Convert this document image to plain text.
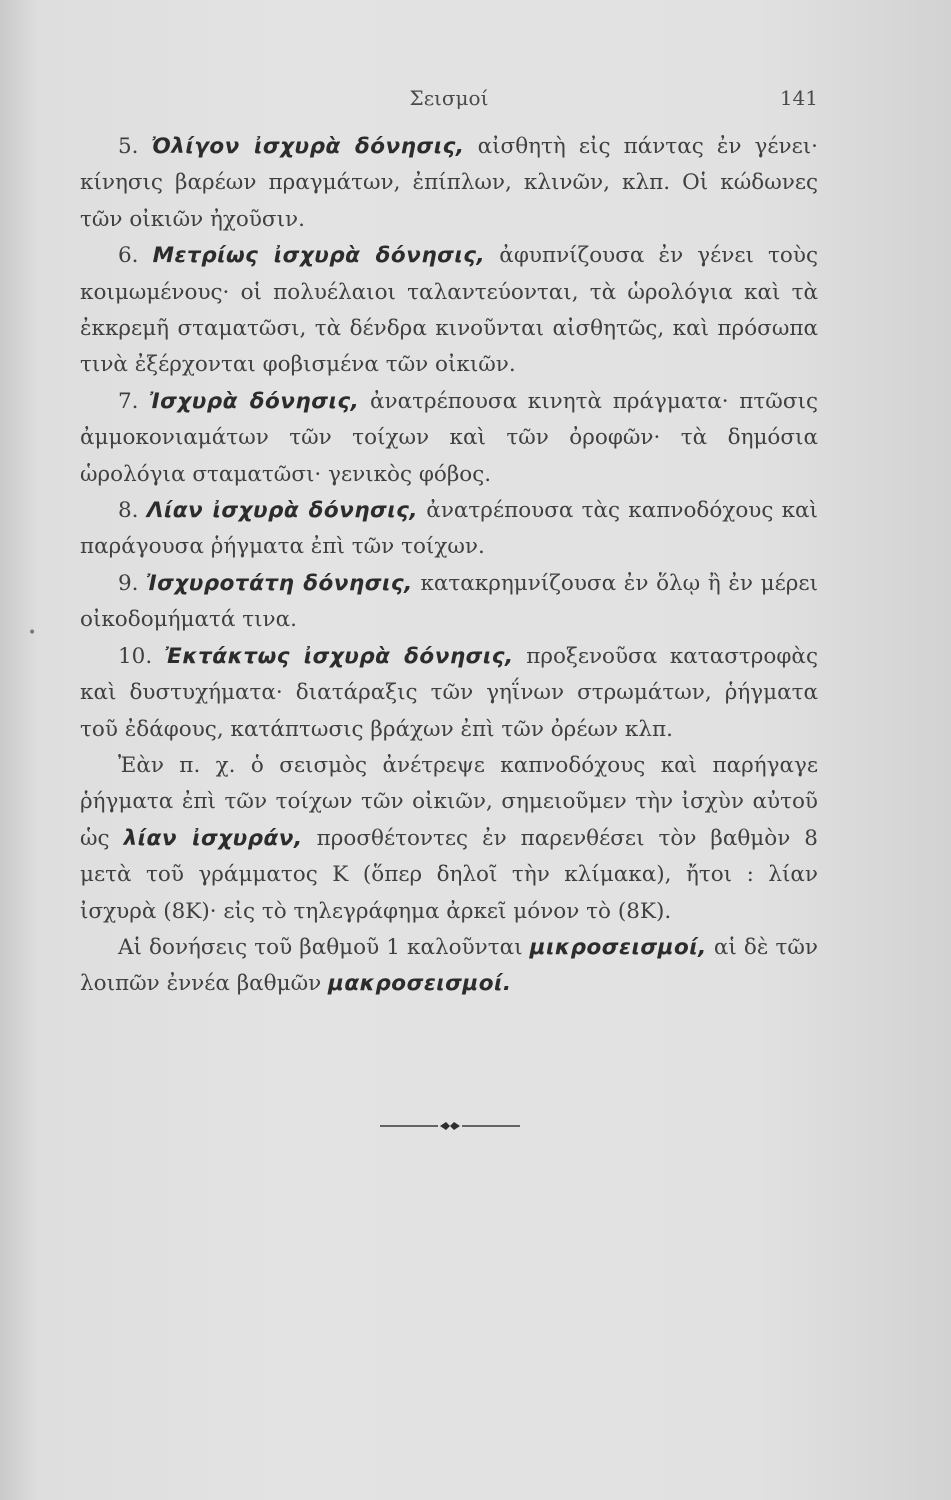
Σεισμοί	141

5. Ὀλίγον ἰσχυρὰ δόνησις, αἰσθητὴ εἰς πάντας ἐν γένει· κίνησις βαρέων πραγμάτων, ἐπίπλων, κλινῶν, κλπ. Οἱ κώδωνες τῶν οἰκιῶν ἠχοῦσιν.

6. Μετρίως ἰσχυρὰ δόνησις, ἀφυπνίζουσα ἐν γένει τοὺς κοιμωμένους· οἱ πολυέλαιοι ταλαντεύονται, τὰ ὡρολόγια καὶ τὰ ἐκκρεμῆ σταματῶσι, τὰ δένδρα κινοῦνται αἰσθητῶς, καὶ πρόσωπα τινὰ ἐξέρχονται φοβισμένα τῶν οἰκιῶν.

7. Ἰσχυρὰ δόνησις, ἀνατρέπουσα κινητὰ πράγματα· πτῶσις ἀμμοκονιαμάτων τῶν τοίχων καὶ τῶν ὀροφῶν· τὰ δημόσια ὡρολόγια σταματῶσι· γενικὸς φόβος.

8. Λίαν ἰσχυρὰ δόνησις, ἀνατρέπουσα τὰς καπνοδόχους καὶ παράγουσα ῥήγματα ἐπὶ τῶν τοίχων.

9. Ἰσχυροτάτη δόνησις, κατακρημνίζουσα ἐν ὅλῳ ἢ ἐν μέρει οἰκοδομήματά τινα.

10. Ἐκτάκτως ἰσχυρὰ δόνησις, προξενοῦσα καταστροφὰς καὶ δυστυχήματα· διατάραξις τῶν γηΐνων στρωμάτων, ῥήγματα τοῦ ἐδάφους, κατάπτωσις βράχων ἐπὶ τῶν ὀρέων κλπ.

Ἐὰν π. χ. ὁ σεισμὸς ἀνέτρεψε καπνοδόχους καὶ παρήγαγε ῥήγματα ἐπὶ τῶν τοίχων τῶν οἰκιῶν, σημειοῦμεν τὴν ἰσχὺν αὐτοῦ ὡς λίαν ἰσχυράν, προσθέτοντες ἐν παρενθέσει τὸν βαθμὸν 8 μετὰ τοῦ γράμματος Κ (ὅπερ δηλοῖ τὴν κλίμακα), ἤτοι : λίαν ἰσχυρὰ (8Κ)· εἰς τὸ τηλεγράφημα ἀρκεῖ μόνον τὸ (8Κ).

Αἱ δονήσεις τοῦ βαθμοῦ 1 καλοῦνται μικροσεισμοί, αἱ δὲ τῶν λοιπῶν ἐννέα βαθμῶν μακροσεισμοί.

•
